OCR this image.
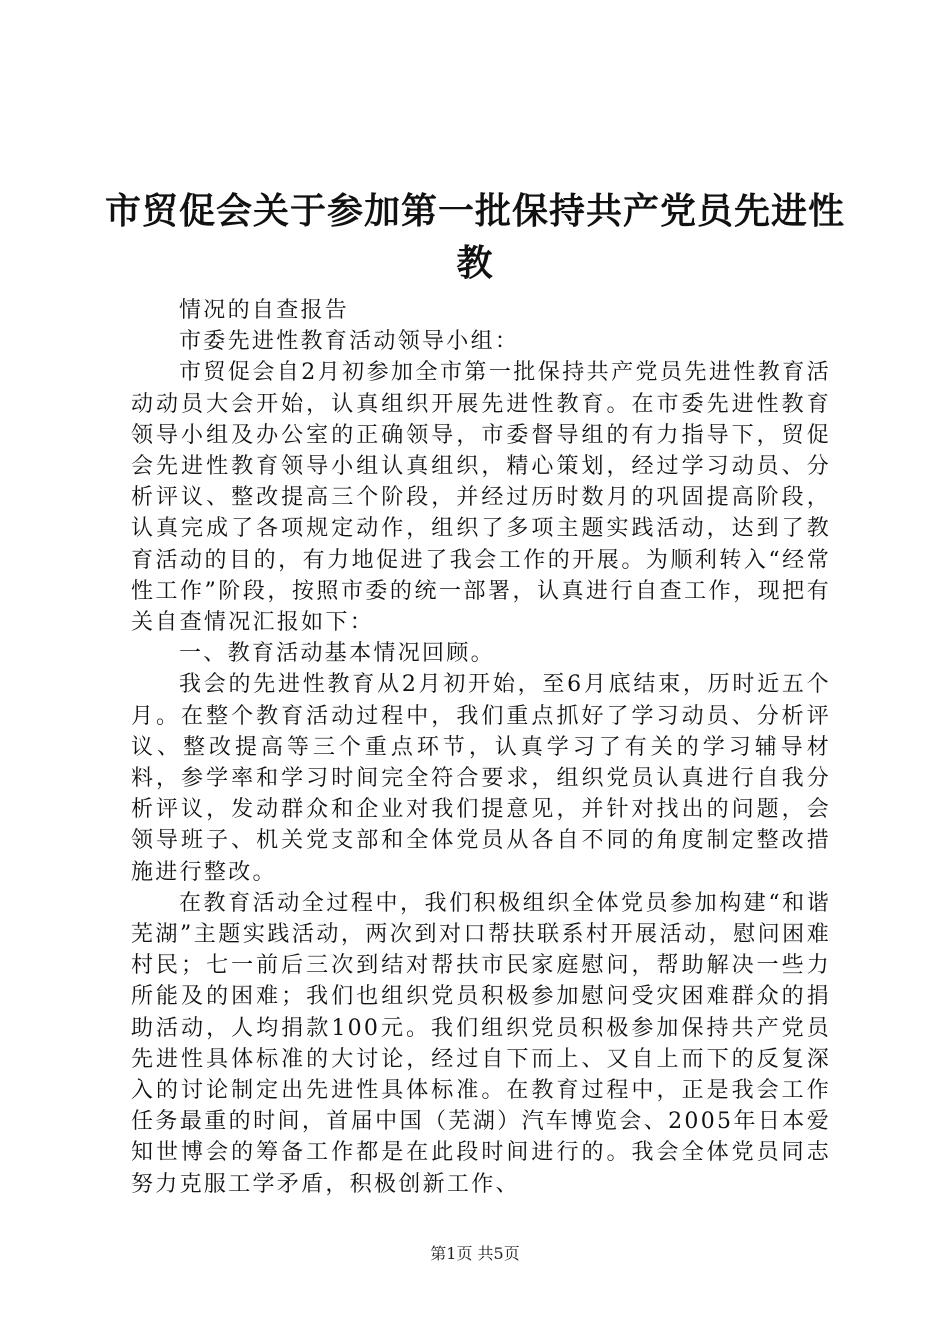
市贸促会关于参加第一批保持共产党员先进性
教

情况的自查报告

市委先进性教育活动领导小组：

市贸促会自2月初参加全市第一批保持共产党员先进性教育活动动员大会开始，认真组织开展先进性教育。在市委先进性教育领导小组及办公室的正确领导，市委督导组的有力指导下，贸促会先进性教育领导小组认真组织，精心策划，经过学习动员、分析评议、整改提高三个阶段，并经过历时数月的巩固提高阶段，认真完成了各项规定动作，组织了多项主题实践活动，达到了教育活动的目的，有力地促进了我会工作的开展。为顺利转入“经常性工作”阶段，按照市委的统一部署，认真进行自查工作，现把有关自查情况汇报如下：

一、教育活动基本情况回顾。

我会的先进性教育从2月初开始，至6月底结束，历时近五个月。在整个教育活动过程中，我们重点抓好了学习动员、分析评议、整改提高等三个重点环节，认真学习了有关的学习辅导材料，参学率和学习时间完全符合要求，组织党员认真进行自我分析评议，发动群众和企业对我们提意见，并针对找出的问题，会领导班子、机关党支部和全体党员从各自不同的角度制定整改措施进行整改。

在教育活动全过程中，我们积极组织全体党员参加构建“和谐芜湖”主题实践活动，两次到对口帮扶联系村开展活动，慰问困难村民；七一前后三次到结对帮扶市民家庭慰问，帮助解决一些力所能及的困难；我们也组织党员积极参加慰问受灾困难群众的捐助活动，人均捐款100元。我们组织党员积极参加保持共产党员先进性具体标准的大讨论，经过自下而上、又自上而下的反复深入的讨论制定出先进性具体标准。在教育过程中，正是我会工作任务最重的时间，首届中国（芜湖）汽车博览会、2005年日本爱知世博会的筹备工作都是在此段时间进行的。我会全体党员同志努力克服工学矛盾，积极创新工作、

第1页 共5页
